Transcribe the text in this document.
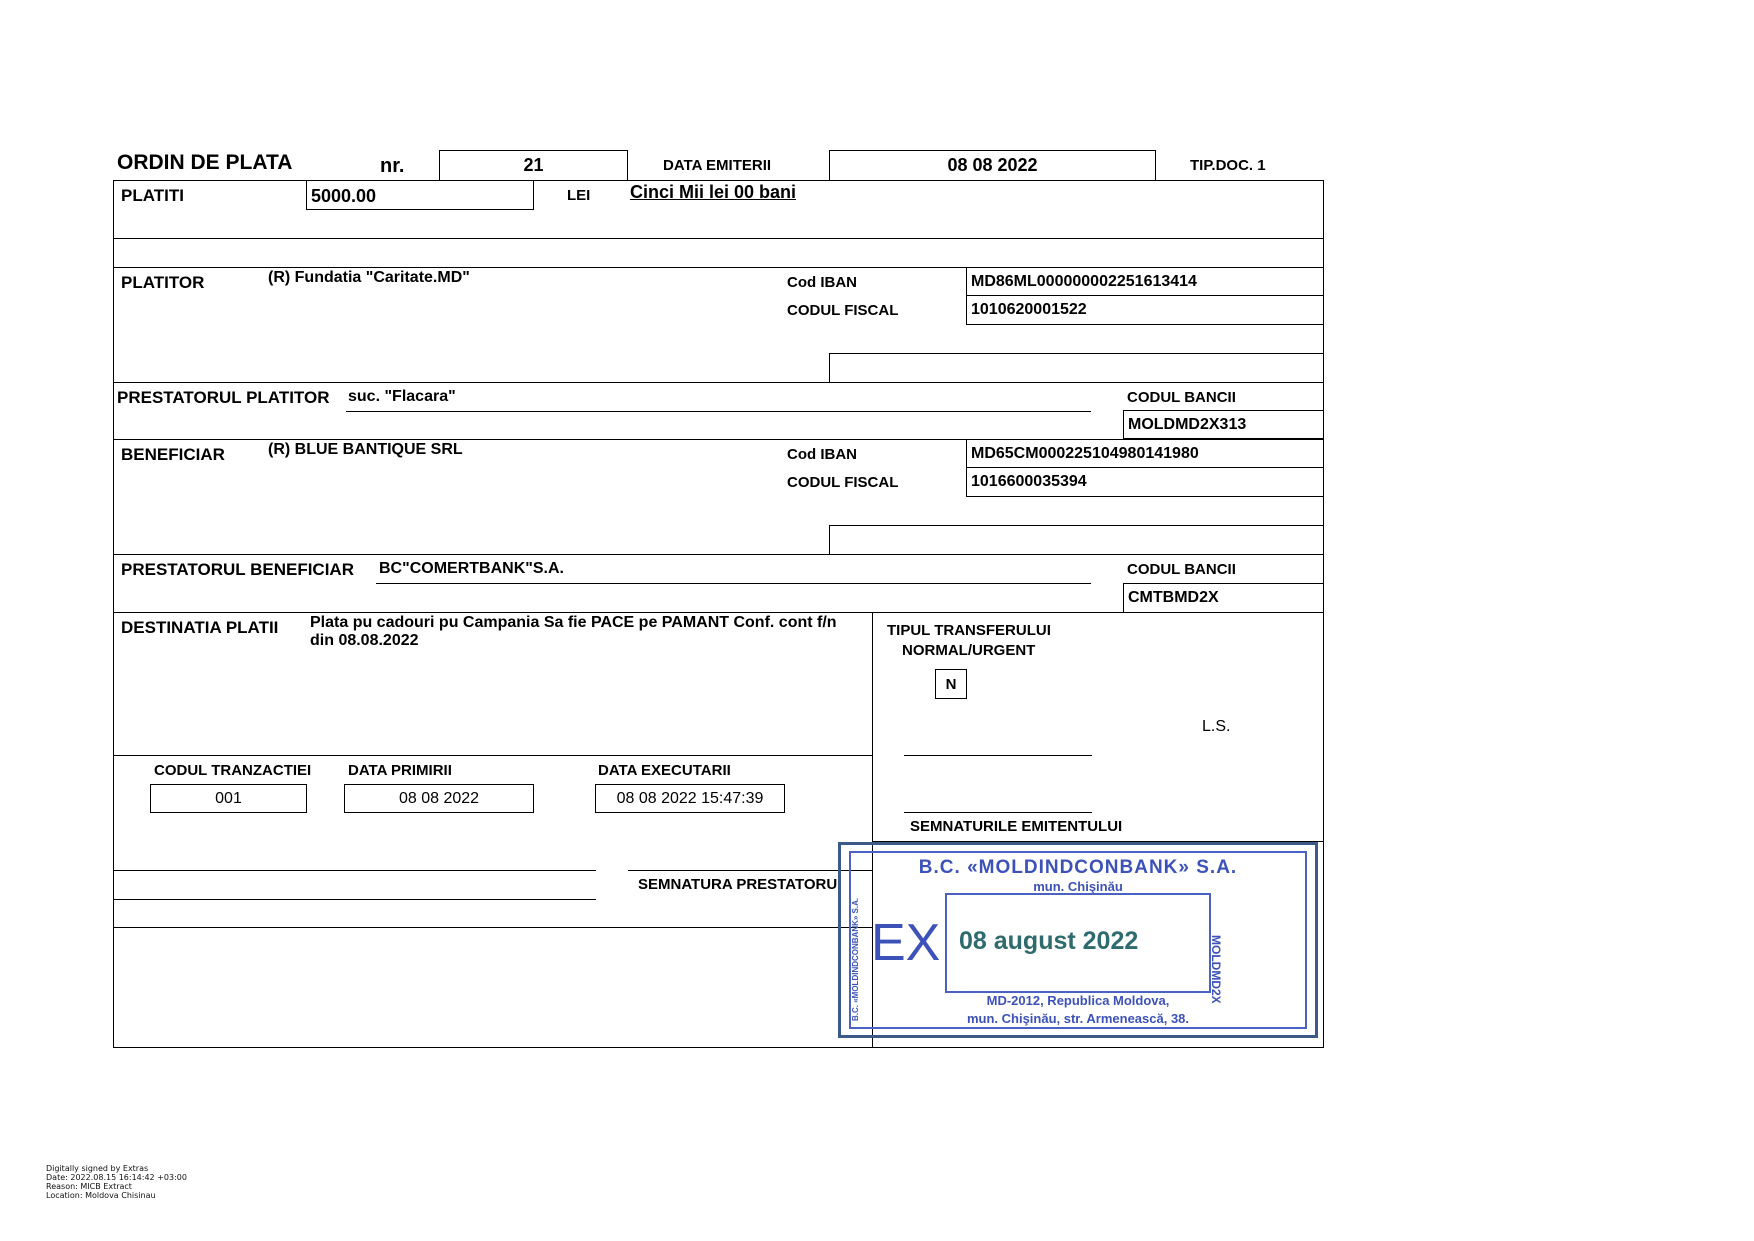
ORDIN DE PLATA	nr.	21	DATA EMITERII	08 08 2022	TIP.DOC. 1
PLATITI	5000.00	LEI Cinci Mii lei 00 bani
PLATITOR	(R) Fundatia "Caritate.MD"	Cod IBAN	MD86ML000000002251613414
CODUL FISCAL	1010620001522
PRESTATORUL PLATITOR suc. "Flacara"	CODUL BANCII
MOLDMD2X313
BENEFICIAR	(R) BLUE BANTIQUE SRL	Cod IBAN	MD65CM000225104980141980
CODUL FISCAL	1016600035394
PRESTATORUL BENEFICIAR BC"COMERTBANK"S.A.	CODUL BANCII
CMTBMD2X
DESTINATIA PLATII Plata pu cadouri pu Campania Sa fie PACE pe PAMANT Conf. cont f/n
din 08.08.2022
TIPUL TRANSFERULUI
NORMAL/URGENT
N
L.S.
SEMNATURILE EMITENTULUI
CODUL TRANZACTIEI
001
DATA PRIMIRII
08 08 2022
DATA EXECUTARII
08 08 2022 15:47:39
SEMNATURA PRESTATORU
B.C. «MOLDINDCONBANK» S.A.
mun. Chişinău
EX 08 august 2022	MOLDMD2X
B.C. «MOLDINDCONBANK» S.A.	MD-2012, Republica Moldova,
mun. Chişinău, str. Armenească, 38.
Digitally signed by Extras
Date: 2022.08.15 16:14:42 +03:00
Reason: MICB Extract
Location: Moldova Chisinau
